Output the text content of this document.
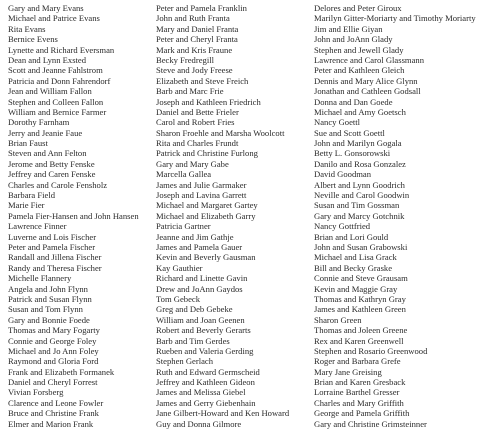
Gary and Mary Evans
Michael and Patrice Evans
Rita Evans
Bernice Evens
Lynette and Richard Eversman
Dean and Lynn Exsted
Scott and Jeanne Fahlstrom
Patricia and Donn Fahrendorf
Jean and William Fallon
Stephen and Colleen Fallon
William and Bernice Farmer
Dorothy Farnham
Jerry and Jeanie Faue
Brian Faust
Steven and Ann Felton
Jerome and Betty Fenske
Jeffrey and Caren Fenske
Charles and Carole Fensholz
Barbara Field
Marie Fier
Pamela Fier-Hansen and John Hansen
Lawrence Finner
Luverne and Lois Fischer
Peter and Pamela Fischer
Randall and Jillena Fischer
Randy and Theresa Fischer
Michelle Flannery
Angela and John Flynn
Patrick and Susan Flynn
Susan and Tom Flynn
Gary and Bonnie Foede
Thomas and Mary Fogarty
Connie and George Foley
Michael and Jo Ann Foley
Raymond and Gloria Ford
Frank and Elizabeth Formanek
Daniel and Cheryl Forrest
Vivian Forsberg
Clarence and Leone Fowler
Bruce and Christine Frank
Elmer and Marion Frank
Peter and Pamela Franklin
John and Ruth Franta
Mary and Daniel Franta
Peter and Cheryl Franta
Mark and Kris Fraune
Becky Fredregill
Steve and Jody Freese
Elizabeth and Steve Freich
Barb and Marc Frie
Joseph and Kathleen Friedrich
Daniel and Bette Frieler
Carol and Robert Fries
Sharon Froehle and Marsha Woolcott
Rita and Charles Frundt
Patrick and Christine Furlong
Gary and Mary Gabe
Marcella Gallea
James and Julie Garmaker
Joseph and Lavina Garrett
Michael and Margaret Gartey
Michael and Elizabeth Garry
Patricia Gartner
Jeanne and Jim Gathje
James and Pamela Gauer
Kevin and Beverly Gausman
Kay Gauthier
Richard and Linette Gavin
Drew and JoAnn Gaydos
Tom Gebeck
Greg and Deb Gebeke
William and Joan Geenen
Robert and Beverly Gerarts
Barb and Tim Gerdes
Rueben and Valeria Gerding
Stephen Gerlach
Ruth and Edward Germscheid
Jeffrey and Kathleen Gideon
James and Melissa Giebel
James and Gerry Giebenhain
Jane Gilbert-Howard and Ken Howard
Guy and Donna Gilmore
Delores and Peter Giroux
Marilyn Gitter-Moriarty and Timothy Moriarty
Jim and Ellie Giyan
John and JoAnn Glady
Stephen and Jewell Glady
Lawrence and Carol Glassmann
Peter and Kathleen Gleich
Dennis and Mary Alice Glynn
Jonathan and Cathleen Godsall
Donna and Dan Goede
Michael and Amy Goetsch
Nancy Goettl
Sue and Scott Goettl
John and Marilyn Gogala
Betty L. Gonsorowski
Danilo and Rosa Gonzalez
David Goodman
Albert and Lynn Goodrich
Neville and Carol Goodwin
Susan and Tim Gossman
Gary and Marcy Gotchnik
Nancy Gottfried
Brian and Lori Gould
John and Susan Grabowski
Michael and Lisa Grack
Bill and Becky Graske
Connie and Steve Grausam
Kevin and Maggie Gray
Thomas and Kathryn Gray
James and Kathleen Green
Sharon Green
Thomas and Joleen Greene
Rex and Karen Greenwell
Stephen and Rosario Greenwood
Roger and Barbara Grefe
Mary Jane Greising
Brian and Karen Gresback
Lorraine Barthel Gresser
Charles and Mary Griffith
George and Pamela Griffith
Gary and Christine Grimsteinner
